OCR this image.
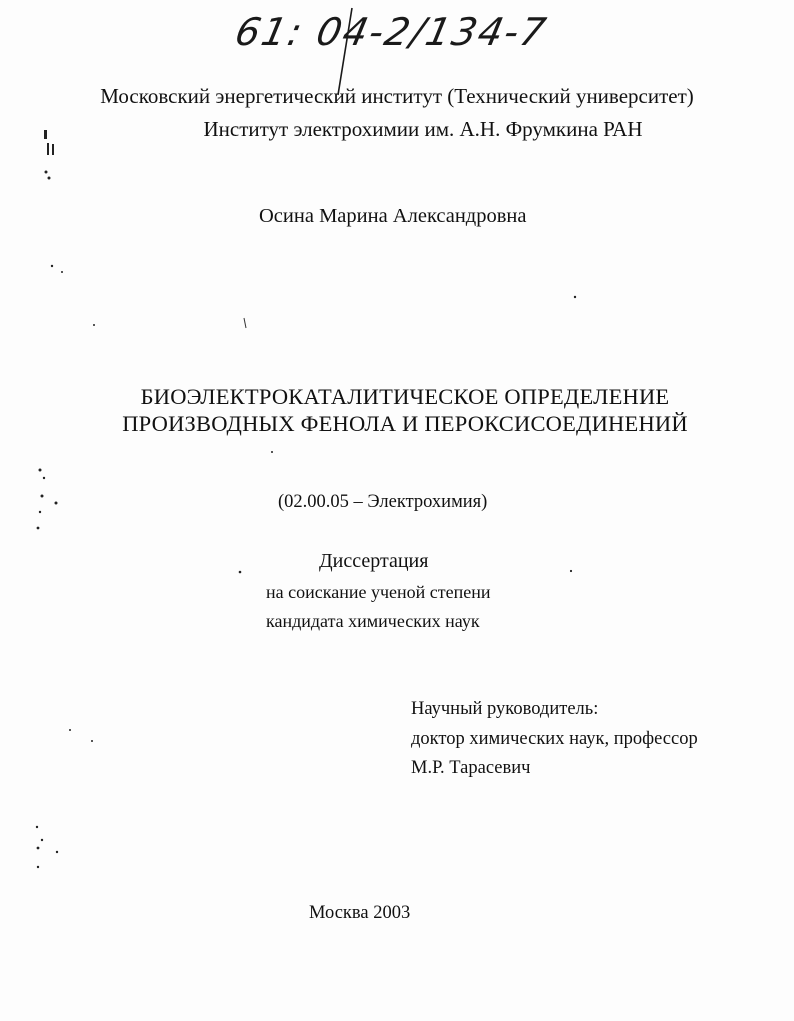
61: 04-2/134-7
Московский энергетический институт (Технический университет)
Институт электрохимии им. А.Н. Фрумкина РАН
Осина Марина Александровна
БИОЭЛЕКТРОКАТАЛИТИЧЕСКОЕ ОПРЕДЕЛЕНИЕ
ПРОИЗВОДНЫХ ФЕНОЛА И ПЕРОКСИСОЕДИНЕНИЙ
(02.00.05 – Электрохимия)
Диссертация
на соискание ученой степени
кандидата химических наук
Научный руководитель:
доктор химических наук, профессор
М.Р. Тарасевич
Москва 2003
